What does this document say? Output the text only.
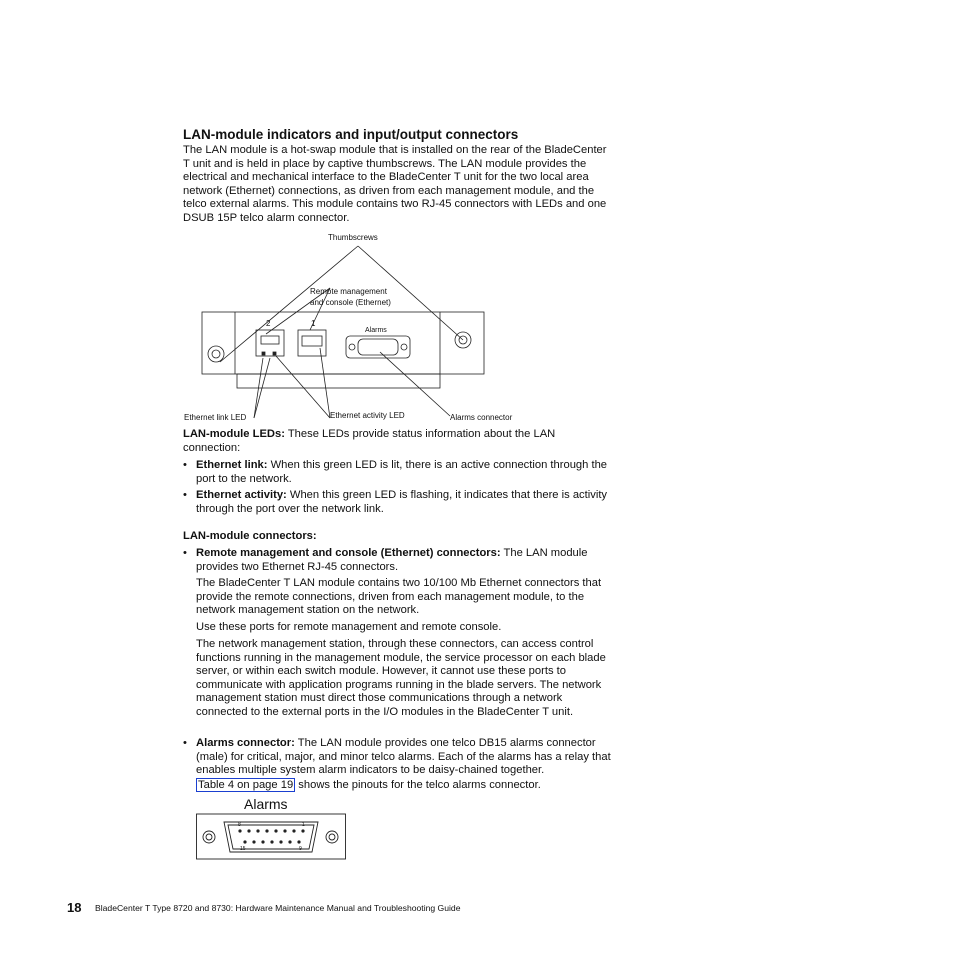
LAN-module indicators and input/output connectors

The LAN module is a hot-swap module that is installed on the rear of the BladeCenter T unit and is held in place by captive thumbscrews. The LAN module provides the electrical and mechanical interface to the BladeCenter T unit for the two local area network (Ethernet) connections, as driven from each management module, and the telco external alarms. This module contains two RJ-45 connectors with LEDs and one DSUB 15P telco alarm connector.

Thumbscrews
Remote management
and console (Ethernet)
2	1
Alarms
Ethernet link LED	Ethernet activity LED	Alarms connector

LAN-module LEDs: These LEDs provide status information about the LAN connection:

• Ethernet link: When this green LED is lit, there is an active connection through the port to the network.

• Ethernet activity: When this green LED is flashing, it indicates that there is activity through the port over the network link.

LAN-module connectors:

• Remote management and console (Ethernet) connectors: The LAN module provides two Ethernet RJ-45 connectors.

The BladeCenter T LAN module contains two 10/100 Mb Ethernet connectors that provide the remote connections, driven from each management module, to the network management station on the network.

Use these ports for remote management and remote console.

The network management station, through these connectors, can access control functions running in the management module, the service processor on each blade server, or within each switch module. However, it cannot use these ports to communicate with application programs running in the blade servers. The network management station must direct those communications through a network connected to the external ports in the I/O modules in the BladeCenter T unit.

• Alarms connector: The LAN module provides one telco DB15 alarms connector (male) for critical, major, and minor telco alarms. Each of the alarms has a relay that enables multiple system alarm indicators to be daisy-chained together.
Table 4 on page 19 shows the pinouts for the telco alarms connector.

Alarms
8	1
15	9
18 BladeCenter T Type 8720 and 8730: Hardware Maintenance Manual and Troubleshooting Guide
